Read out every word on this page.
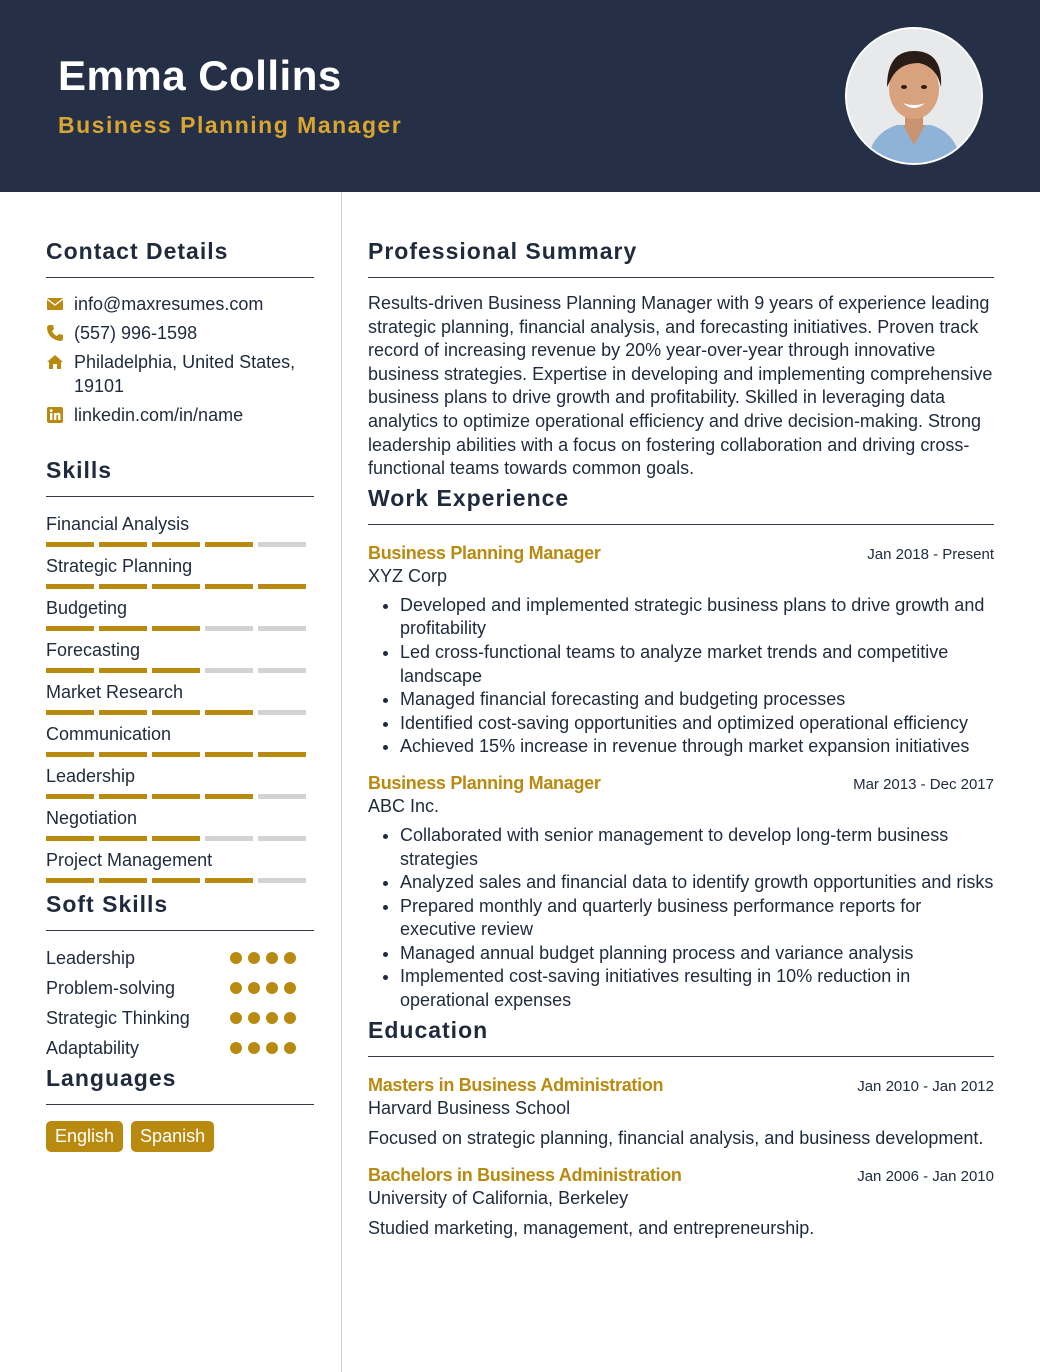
Emma Collins
Business Planning Manager
Contact Details
info@maxresumes.com
(557) 996-1598
Philadelphia, United States, 19101
linkedin.com/in/name
Skills
Financial Analysis
Strategic Planning
Budgeting
Forecasting
Market Research
Communication
Leadership
Negotiation
Project Management
Soft Skills
Leadership
Problem-solving
Strategic Thinking
Adaptability
Languages
English	Spanish
Professional Summary

Results-driven Business Planning Manager with 9 years of experience leading strategic planning, financial analysis, and forecasting initiatives. Proven track record of increasing revenue by 20% year-over-year through innovative business strategies. Expertise in developing and implementing comprehensive business plans to drive growth and profitability. Skilled in leveraging data analytics to optimize operational efficiency and drive decision-making. Strong leadership abilities with a focus on fostering collaboration and driving cross-functional teams towards common goals.

Work Experience
Business Planning Manager	Jan 2018 - Present
XYZ Corp
• Developed and implemented strategic business plans to drive growth and profitability
• Led cross-functional teams to analyze market trends and competitive landscape
• Managed financial forecasting and budgeting processes
• Identified cost-saving opportunities and optimized operational efficiency
• Achieved 15% increase in revenue through market expansion initiatives
Business Planning Manager	Mar 2013 - Dec 2017
ABC Inc.
• Collaborated with senior management to develop long-term business strategies
• Analyzed sales and financial data to identify growth opportunities and risks
• Prepared monthly and quarterly business performance reports for executive review
• Managed annual budget planning process and variance analysis
• Implemented cost-saving initiatives resulting in 10% reduction in operational expenses
Education
Masters in Business Administration	Jan 2010 - Jan 2012
Harvard Business School
Focused on strategic planning, financial analysis, and business development.
Bachelors in Business Administration	Jan 2006 - Jan 2010
University of California, Berkeley
Studied marketing, management, and entrepreneurship.
